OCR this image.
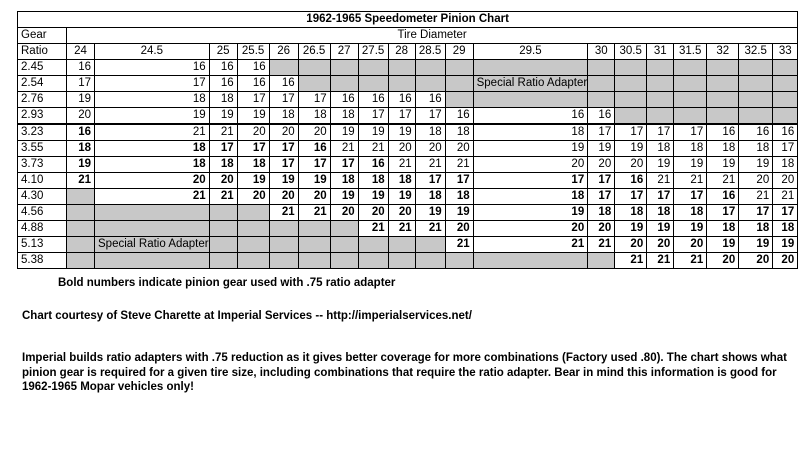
1962-1965 Speedometer Pinion Chart																			
Gear	Tire Diameter																		
Ratio	24	24.5	25	25.5	26	26.5	27	27.5	28	28.5	29	29.5	30	30.5	31	31.5	32	32.5	33
2.45	16	16	16	16															
2.54	17	17	16	16	16							Special Ratio Adapter							
2.76	19	18	18	17	17	17	16	16	16	16									
2.93	20	19	19	19	18	18	18	17	17	17	16	16	16						
3.23	16	21	21	20	20	20	19	19	19	18	18	18	17	17	17	17	16	16	16
3.55	18	18	17	17	17	16	21	21	20	20	20	19	19	19	18	18	18	18	17
3.73	19	18	18	18	17	17	17	16	21	21	21	20	20	20	19	19	19	19	18
4.10	21	20	20	19	19	19	18	18	18	17	17	17	17	16	21	21	21	20	20
4.30		21	21	20	20	20	19	19	19	18	18	18	17	17	17	17	16	21	21
4.56					21	21	20	20	20	19	19	19	18	18	18	18	17	17	17
4.88								21	21	21	20	20	20	19	19	19	18	18	18
5.13		Special Ratio Adapter									21	21	21	20	20	20	19	19	19
5.38														21	21	21	20	20	20
Bold numbers indicate pinion gear used with .75 ratio adapter
Chart courtesy of Steve Charette at Imperial Services -- http://imperialservices.net/
Imperial builds ratio adapters with .75 reduction as it gives better coverage for more combinations (Factory used .80). The chart shows what pinion gear is required for a given tire size, including combinations that require the ratio adapter. Bear in mind this information is good for 1962-1965 Mopar vehicles only!
